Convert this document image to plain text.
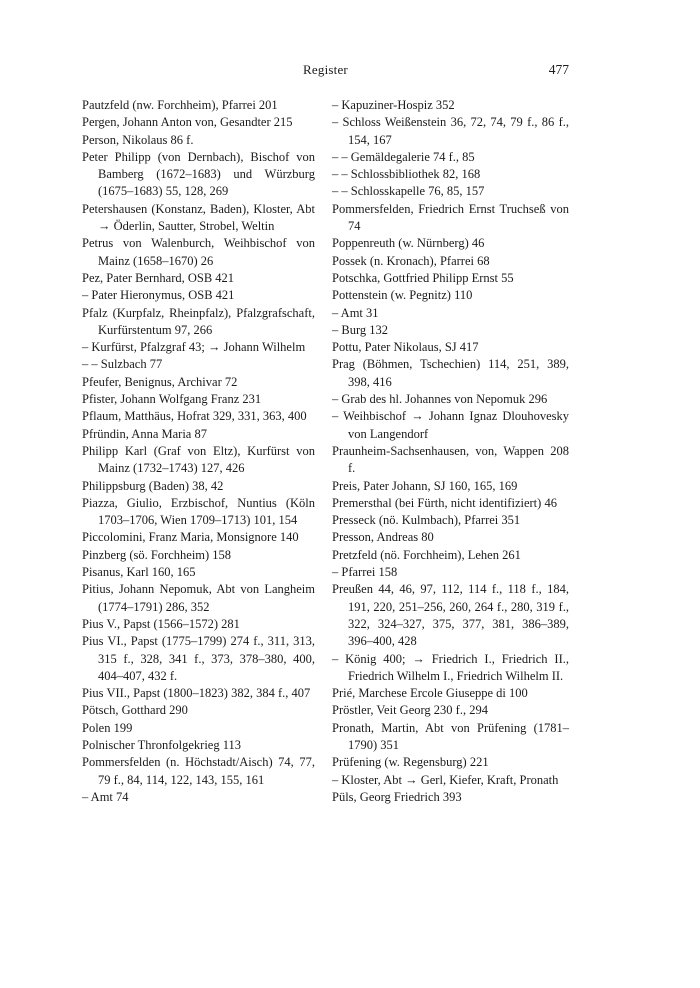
Register	477
Pautzfeld (nw. Forchheim), Pfarrei 201
Pergen, Johann Anton von, Gesandter 215
Person, Nikolaus 86 f.
Peter Philipp (von Dernbach), Bischof von Bamberg (1672–1683) und Würzburg (1675–1683) 55, 128, 269
Petershausen (Konstanz, Baden), Kloster, Abt → Öderlin, Sautter, Strobel, Weltin
Petrus von Walenburch, Weihbischof von Mainz (1658–1670) 26
Pez, Pater Bernhard, OSB 421
– Pater Hieronymus, OSB 421
Pfalz (Kurpfalz, Rheinpfalz), Pfalzgrafschaft, Kurfürstentum 97, 266
– Kurfürst, Pfalzgraf 43; → Johann Wilhelm
– – Sulzbach 77
Pfeufer, Benignus, Archivar 72
Pfister, Johann Wolfgang Franz 231
Pflaum, Matthäus, Hofrat 329, 331, 363, 400
Pfründin, Anna Maria 87
Philipp Karl (Graf von Eltz), Kurfürst von Mainz (1732–1743) 127, 426
Philippsburg (Baden) 38, 42
Piazza, Giulio, Erzbischof, Nuntius (Köln 1703–1706, Wien 1709–1713) 101, 154
Piccolomini, Franz Maria, Monsignore 140
Pinzberg (sö. Forchheim) 158
Pisanus, Karl 160, 165
Pitius, Johann Nepomuk, Abt von Langheim (1774–1791) 286, 352
Pius V., Papst (1566–1572) 281
Pius VI., Papst (1775–1799) 274 f., 311, 313, 315 f., 328, 341 f., 373, 378–380, 400, 404–407, 432 f.
Pius VII., Papst (1800–1823) 382, 384 f., 407
Pötsch, Gotthard 290
Polen 199
Polnischer Thronfolgekrieg 113
Pommersfelden (n. Höchstadt/Aisch) 74, 77, 79 f., 84, 114, 122, 143, 155, 161
– Amt 74
– Kapuziner-Hospiz 352
– Schloss Weißenstein 36, 72, 74, 79 f., 86 f., 154, 167
– – Gemäldegalerie 74 f., 85
– – Schlossbibliothek 82, 168
– – Schlosskapelle 76, 85, 157
Pommersfelden, Friedrich Ernst Truchseß von 74
Poppenreuth (w. Nürnberg) 46
Possek (n. Kronach), Pfarrei 68
Potschka, Gottfried Philipp Ernst 55
Pottenstein (w. Pegnitz) 110
– Amt 31
– Burg 132
Pottu, Pater Nikolaus, SJ 417
Prag (Böhmen, Tschechien) 114, 251, 389, 398, 416
– Grab des hl. Johannes von Nepomuk 296
– Weihbischof → Johann Ignaz Dlouhovesky von Langendorf
Praunheim-Sachsenhausen, von, Wappen 208 f.
Preis, Pater Johann, SJ 160, 165, 169
Premersthal (bei Fürth, nicht identifiziert) 46
Presseck (nö. Kulmbach), Pfarrei 351
Presson, Andreas 80
Pretzfeld (nö. Forchheim), Lehen 261
– Pfarrei 158
Preußen 44, 46, 97, 112, 114 f., 118 f., 184, 191, 220, 251–256, 260, 264 f., 280, 319 f., 322, 324–327, 375, 377, 381, 386–389, 396–400, 428
– König 400; → Friedrich I., Friedrich II., Friedrich Wilhelm I., Friedrich Wilhelm II.
Prié, Marchese Ercole Giuseppe di 100
Pröstler, Veit Georg 230 f., 294
Pronath, Martin, Abt von Prüfening (1781–1790) 351
Prüfening (w. Regensburg) 221
– Kloster, Abt → Gerl, Kiefer, Kraft, Pronath
Püls, Georg Friedrich 393
